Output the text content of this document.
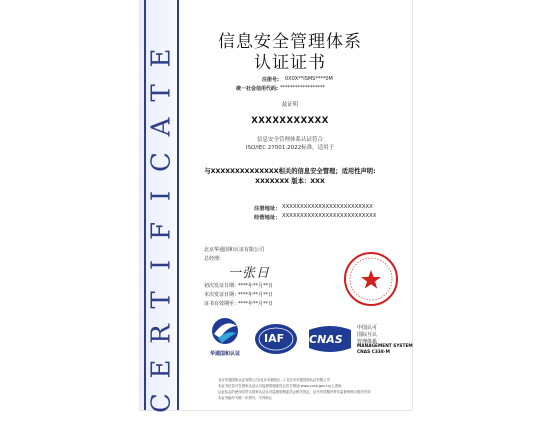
C
E
R
T
I
F
I
C
A
T
E
信息安全管理体系
认证证书
注册号: 0X0X**ISMS****0M
统一社会信用代码: ******************
兹证明
XXXXXXXXXXX
信息安全管理体系认证符合
ISO/IEC 27001:2022标准，适用于
与XXXXXXXXXXXXXX相关的信息安全管理；适用性声明:
XXXXXXX 版本：XXX
注册地址： XXXXXXXXXXXXXXXXXXXXXXXXX
经营地址： XXXXXXXXXXXXXXXXXXXXXXXXXX
北京华通国和认证有限公司
总经理：
一张日
初次发证日期：
****年**月**日
本次发证日期：
****年**月**日
证书有效期至：
****年**月**日
华通国和认证
IAF CNAS
中国认可
国际互认
管理体系
MANAGEMENT SYSTEM
CNAS C338-M
北京华通国和认证有限公司(北京市朝阳区...) 北京市华通国和认证有限公司
本证书信息可在国家认证认可监督管理委员会官方网站(www.cnca.gov.cn)上查询
认证标志的使用应符合国家认证认可监督管理委员会相关规定，证书有效期内每年监督审核合格后有效
本证书编号为唯一识别号，不得转让
